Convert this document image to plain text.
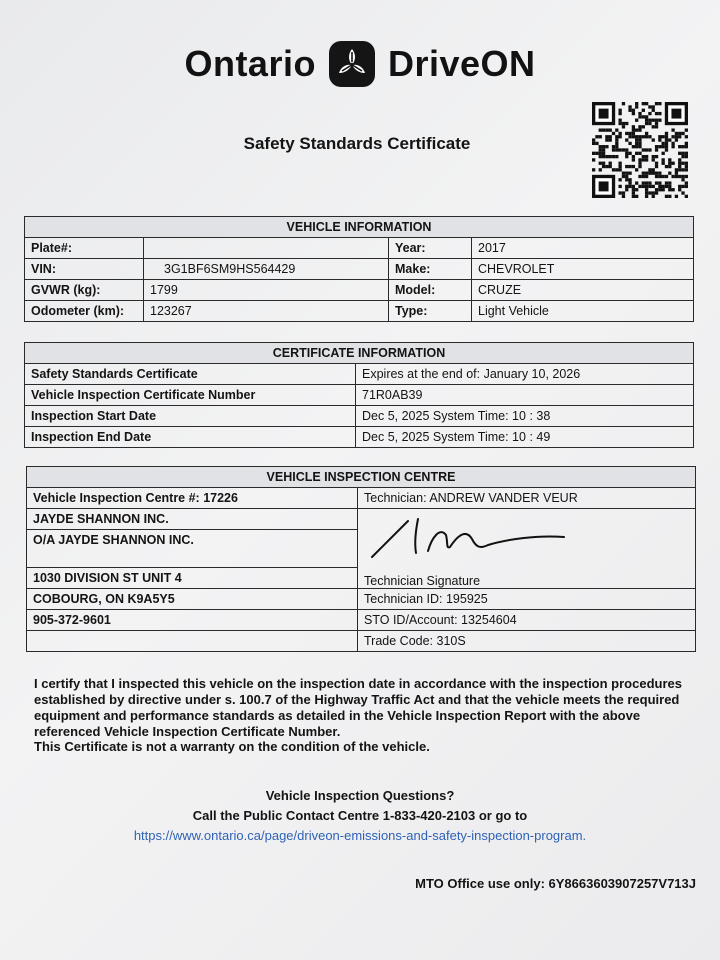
Ontario DriveON
Safety Standards Certificate
VEHICLE INFORMATION			
Plate#:		Year:	2017
VIN:	3G1BF6SM9HS564429	Make:	CHEVROLET
GVWR (kg):	1799	Model:	CRUZE
Odometer (km):	123267	Type:	Light Vehicle
CERTIFICATE INFORMATION	
Safety Standards Certificate	Expires at the end of: January 10, 2026
Vehicle Inspection Certificate Number	71R0AB39
Inspection Start Date	Dec 5, 2025 System Time: 10 : 38
Inspection End Date	Dec 5, 2025 System Time: 10 : 49
VEHICLE INSPECTION CENTRE	
Vehicle Inspection Centre #: 17226	Technician: ANDREW VANDER VEUR
JAYDE SHANNON INC.	Technician Signature
O/A JAYDE SHANNON INC.	
1030 DIVISION ST UNIT 4	
COBOURG, ON K9A5Y5	Technician ID: 195925
905-372-9601	STO ID/Account: 13254604
	Trade Code: 310S

I certify that I inspected this vehicle on the inspection date in accordance with the inspection procedures established by directive under s. 100.7 of the Highway Traffic Act and that the vehicle meets the required equipment and performance standards as detailed in the Vehicle Inspection Report with the above referenced Vehicle Inspection Certificate Number.

This Certificate is not a warranty on the condition of the vehicle.
Vehicle Inspection Questions?
Call the Public Contact Centre 1-833-420-2103 or go to
https://www.ontario.ca/page/driveon-emissions-and-safety-inspection-program.
MTO Office use only: 6Y8663603907257V713J
